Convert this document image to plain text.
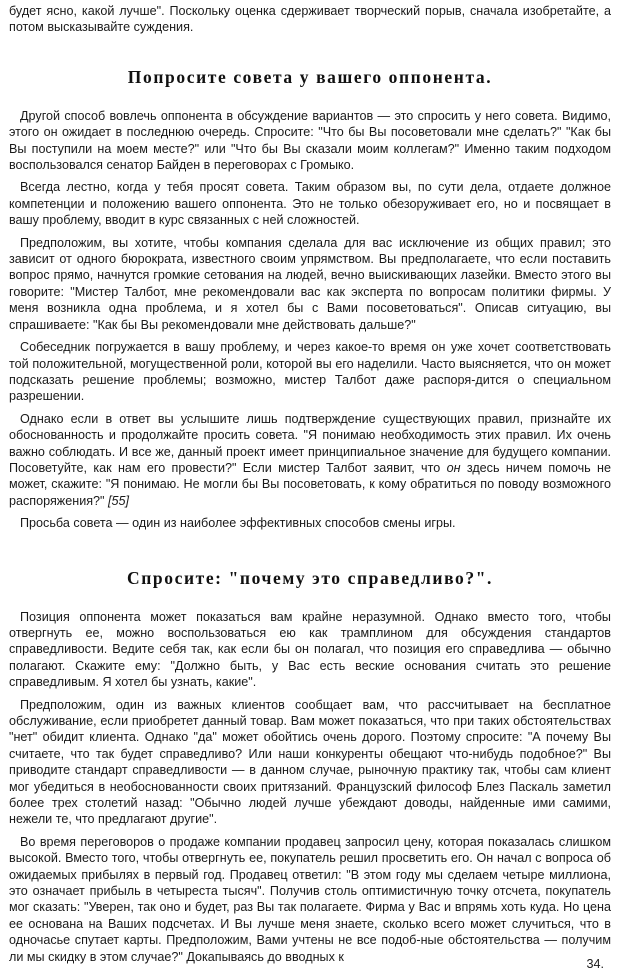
будет ясно, какой лучше". Поскольку оценка сдерживает творческий порыв, сначала изобретайте, а потом высказывайте суждения.

Попросите совета у вашего оппонента.

Другой способ вовлечь оппонента в обсуждение вариантов — это спросить у него совета. Видимо, этого он ожидает в последнюю очередь. Спросите: "Что бы Вы посоветовали мне сделать?" "Как бы Вы поступили на моем месте?" или "Что бы Вы сказали моим коллегам?" Именно таким подходом воспользовался сенатор Байден в переговорах с Громыко.

Всегда лестно, когда у тебя просят совета. Таким образом вы, по сути дела, отдаете должное компетенции и положению вашего оппонента. Это не только обезоруживает его, но и посвящает в вашу проблему, вводит в курс связанных с ней сложностей.

Предположим, вы хотите, чтобы компания сделала для вас исключение из общих правил; это зависит от одного бюрократа, известного своим упрямством. Вы предполагаете, что если поставить вопрос прямо, начнутся громкие сетования на людей, вечно выискивающих лазейки. Вместо этого вы говорите: "Мистер Талбот, мне рекомендовали вас как эксперта по вопросам политики фирмы. У меня возникла одна проблема, и я хотел бы с Вами посоветоваться". Описав ситуацию, вы спрашиваете: "Как бы Вы рекомендовали мне действовать дальше?"

Собеседник погружается в вашу проблему, и через какое-то время он уже хочет соответствовать той положительной, могущественной роли, которой вы его наделили. Часто выясняется, что он может подсказать решение проблемы; возможно, мистер Талбот даже распоря-дится о специальном разрешении.

Однако если в ответ вы услышите лишь подтверждение существующих правил, признайте их обоснованность и продолжайте просить совета. "Я понимаю необходимость этих правил. Их очень важно соблюдать. И все же, данный проект имеет принципиальное значение для будущего компании. Посоветуйте, как нам его провести?" Если мистер Талбот заявит, что он здесь ничем помочь не может, скажите: "Я понимаю. Не могли бы Вы посоветовать, к кому обратиться по поводу возможного распоряжения?" [55]

Просьба совета — один из наиболее эффективных способов смены игры.

Спросите: "почему это справедливо?".

Позиция оппонента может показаться вам крайне неразумной. Однако вместо того, чтобы отвергнуть ее, можно воспользоваться ею как трамплином для обсуждения стандартов справедливости. Ведите себя так, как если бы он полагал, что позиция его справедлива — обычно полагают. Скажите ему: "Должно быть, у Вас есть веские основания считать это решение справедливым. Я хотел бы узнать, какие".

Предположим, один из важных клиентов сообщает вам, что рассчитывает на бесплатное обслуживание, если приобретет данный товар. Вам может показаться, что при таких обстоятельствах "нет" обидит клиента. Однако "да" может обойтись очень дорого. Поэтому спросите: "А почему Вы считаете, что так будет справедливо? Или наши конкуренты обещают что-нибудь подобное?" Вы приводите стандарт справедливости — в данном случае, рыночную практику так, чтобы сам клиент мог убедиться в необоснованности своих притязаний. Французский философ Блез Паскаль заметил более трех столетий назад: "Обычно людей лучше убеждают доводы, найденные ими самими, нежели те, что предлагают другие".

Во время переговоров о продаже компании продавец запросил цену, которая показалась слишком высокой. Вместо того, чтобы отвергнуть ее, покупатель решил просветить его. Он начал с вопроса об ожидаемых прибылях в первый год. Продавец ответил: "В этом году мы сделаем четыре миллиона, это означает прибыль в четыреста тысяч". Получив столь оптимистичную точку отсчета, покупатель мог сказать: "Уверен, так оно и будет, раз Вы так полагаете. Фирма у Вас и впрямь хоть куда. Но цена ее основана на Ваших подсчетах. И Вы лучше меня знаете, сколько всего может случиться, что в одночасье спутает карты. Предположим, Вами учтены не все подоб-ные обстоятельства — получим ли мы скидку в этом случае?" Докапываясь до вводных к

34.
